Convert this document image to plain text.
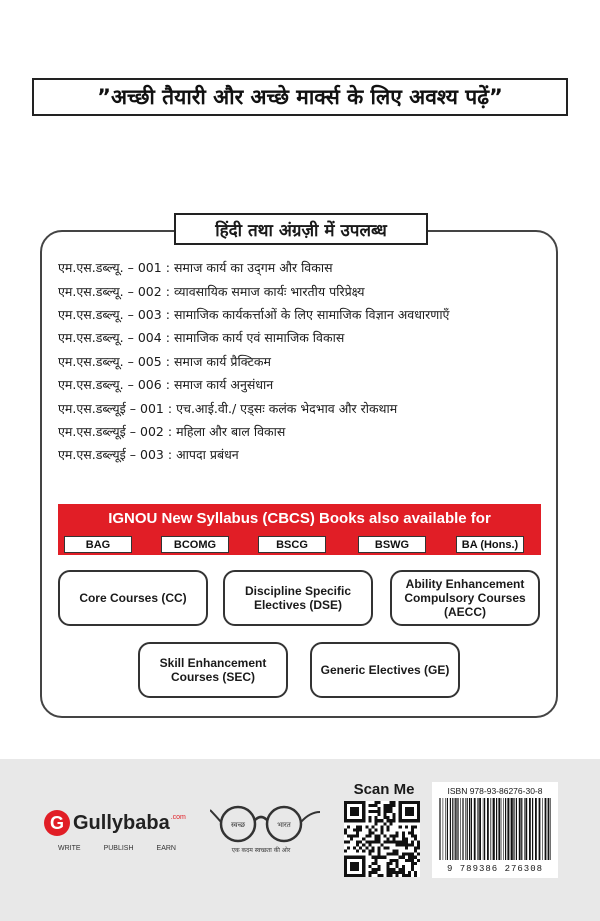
”अच्छी तैयारी और अच्छे मार्क्स के लिए अवश्य पढ़ें”
हिंदी तथा अंग्रज़ी में उपलब्ध
एम.एस.डब्ल्यू. – 001 : समाज कार्य का उद्‌गम और विकास
एम.एस.डब्ल्यू. – 002 : व्यावसायिक समाज कार्यः भारतीय परिप्रेक्ष्य
एम.एस.डब्ल्यू. – 003 : सामाजिक कार्यकर्त्ताओं के लिए सामाजिक विज्ञान अवधारणाएँ
एम.एस.डब्ल्यू. – 004 : सामाजिक कार्य एवं सामाजिक विकास
एम.एस.डब्ल्यू. – 005 : समाज कार्य प्रैक्टिकम
एम.एस.डब्ल्यू. – 006 : समाज कार्य अनुसंधान
एम.एस.डब्ल्यूई – 001 : एच.आई.वी./ एड्सः कलंक भेदभाव और रोकथाम
एम.एस.डब्ल्यूई – 002 : महिला और बाल विकास
एम.एस.डब्ल्यूई – 003 : आपदा प्रबंधन
IGNOU New Syllabus (CBCS) Books also available for
BAG	BCOMG	BSCG	BSWG	BA (Hons.)
Core Courses (CC)	Discipline Specific Electives (DSE)
Ability Enhancement Compulsory Courses (AECC)
Skill Enhancement Courses (SEC)	Generic Electives (GE)
G Gullybaba .com
WRITE	PUBLISH	EARN
स्वच्छ	भारत
एक कदम स्वच्छता की ओर
Scan Me	ISBN 978-93-86276-30-8
9 789386 276308
